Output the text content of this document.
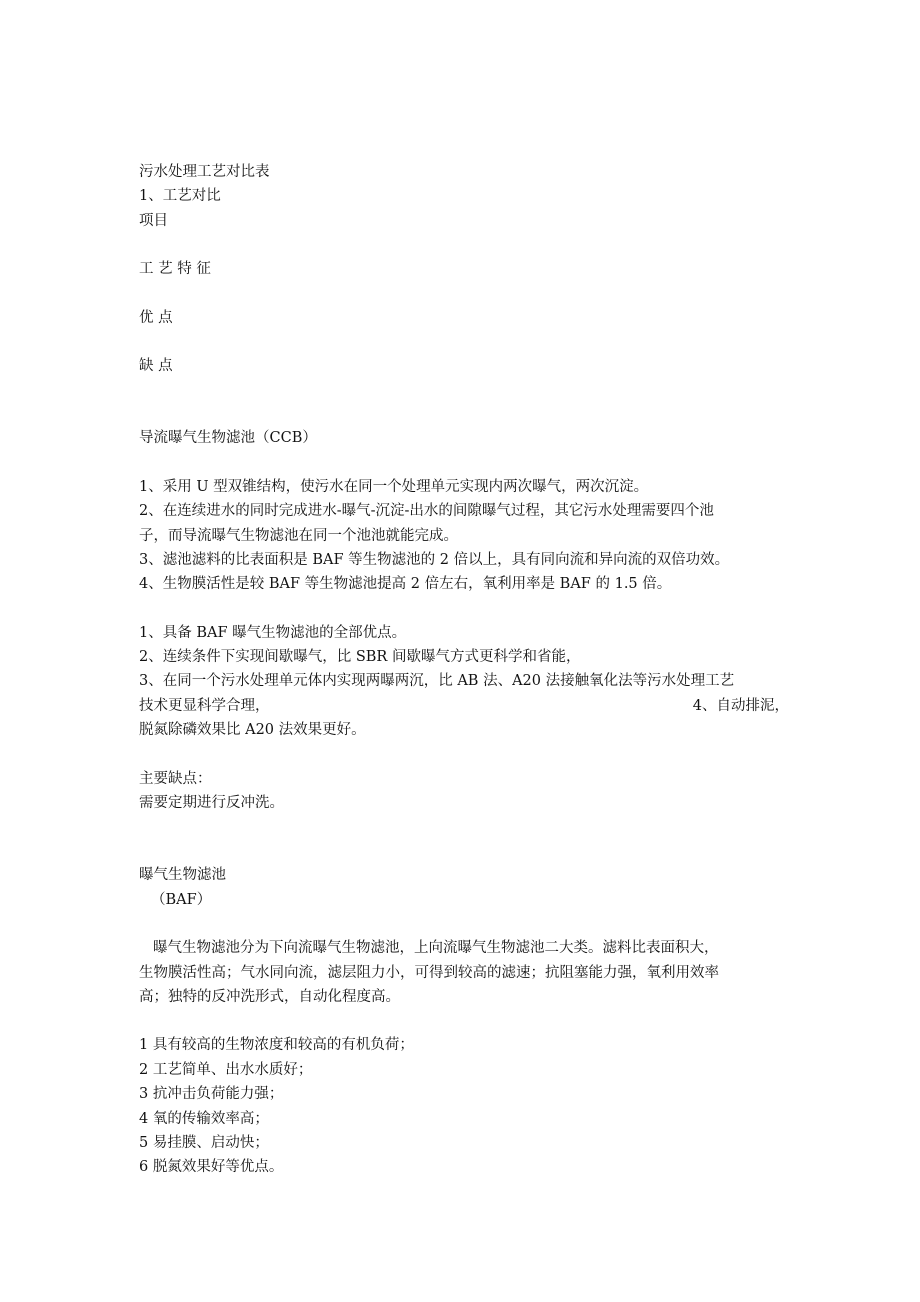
污水处理工艺对比表
1、工艺对比
项目
工 艺 特 征
优 点
缺 点
导流曝气生物滤池（CCB）
1、采用 U 型双锥结构，使污水在同一个处理单元实现内两次曝气，两次沉淀。
2、在连续进水的同时完成进水-曝气-沉淀-出水的间隙曝气过程，其它污水处理需要四个池
子，而导流曝气生物滤池在同一个池池就能完成。
3、滤池滤料的比表面积是 BAF 等生物滤池的 2 倍以上，具有同向流和异向流的双倍功效。
4、生物膜活性是较 BAF 等生物滤池提高 2 倍左右，氧利用率是 BAF 的 1.5 倍。
1、具备 BAF 曝气生物滤池的全部优点。
2、连续条件下实现间歇曝气，比 SBR 间歇曝气方式更科学和省能，
3、在同一个污水处理单元体内实现两曝两沉，比 AB 法、A20 法接触氧化法等污水处理工艺
技术更显科学合理，	4、自动排泥，
脱氮除磷效果比 A20 法效果更好。
主要缺点：
需要定期进行反冲洗。
曝气生物滤池
（BAF）
曝气生物滤池分为下向流曝气生物滤池，上向流曝气生物滤池二大类。滤料比表面积大，
生物膜活性高；气水同向流，滤层阻力小，可得到较高的滤速；抗阻塞能力强，氧利用效率
高；独特的反冲洗形式，自动化程度高。
1 具有较高的生物浓度和较高的有机负荷；
2 工艺简单、出水水质好；
3 抗冲击负荷能力强；
4 氧的传输效率高；
5 易挂膜、启动快；
6 脱氮效果好等优点。
